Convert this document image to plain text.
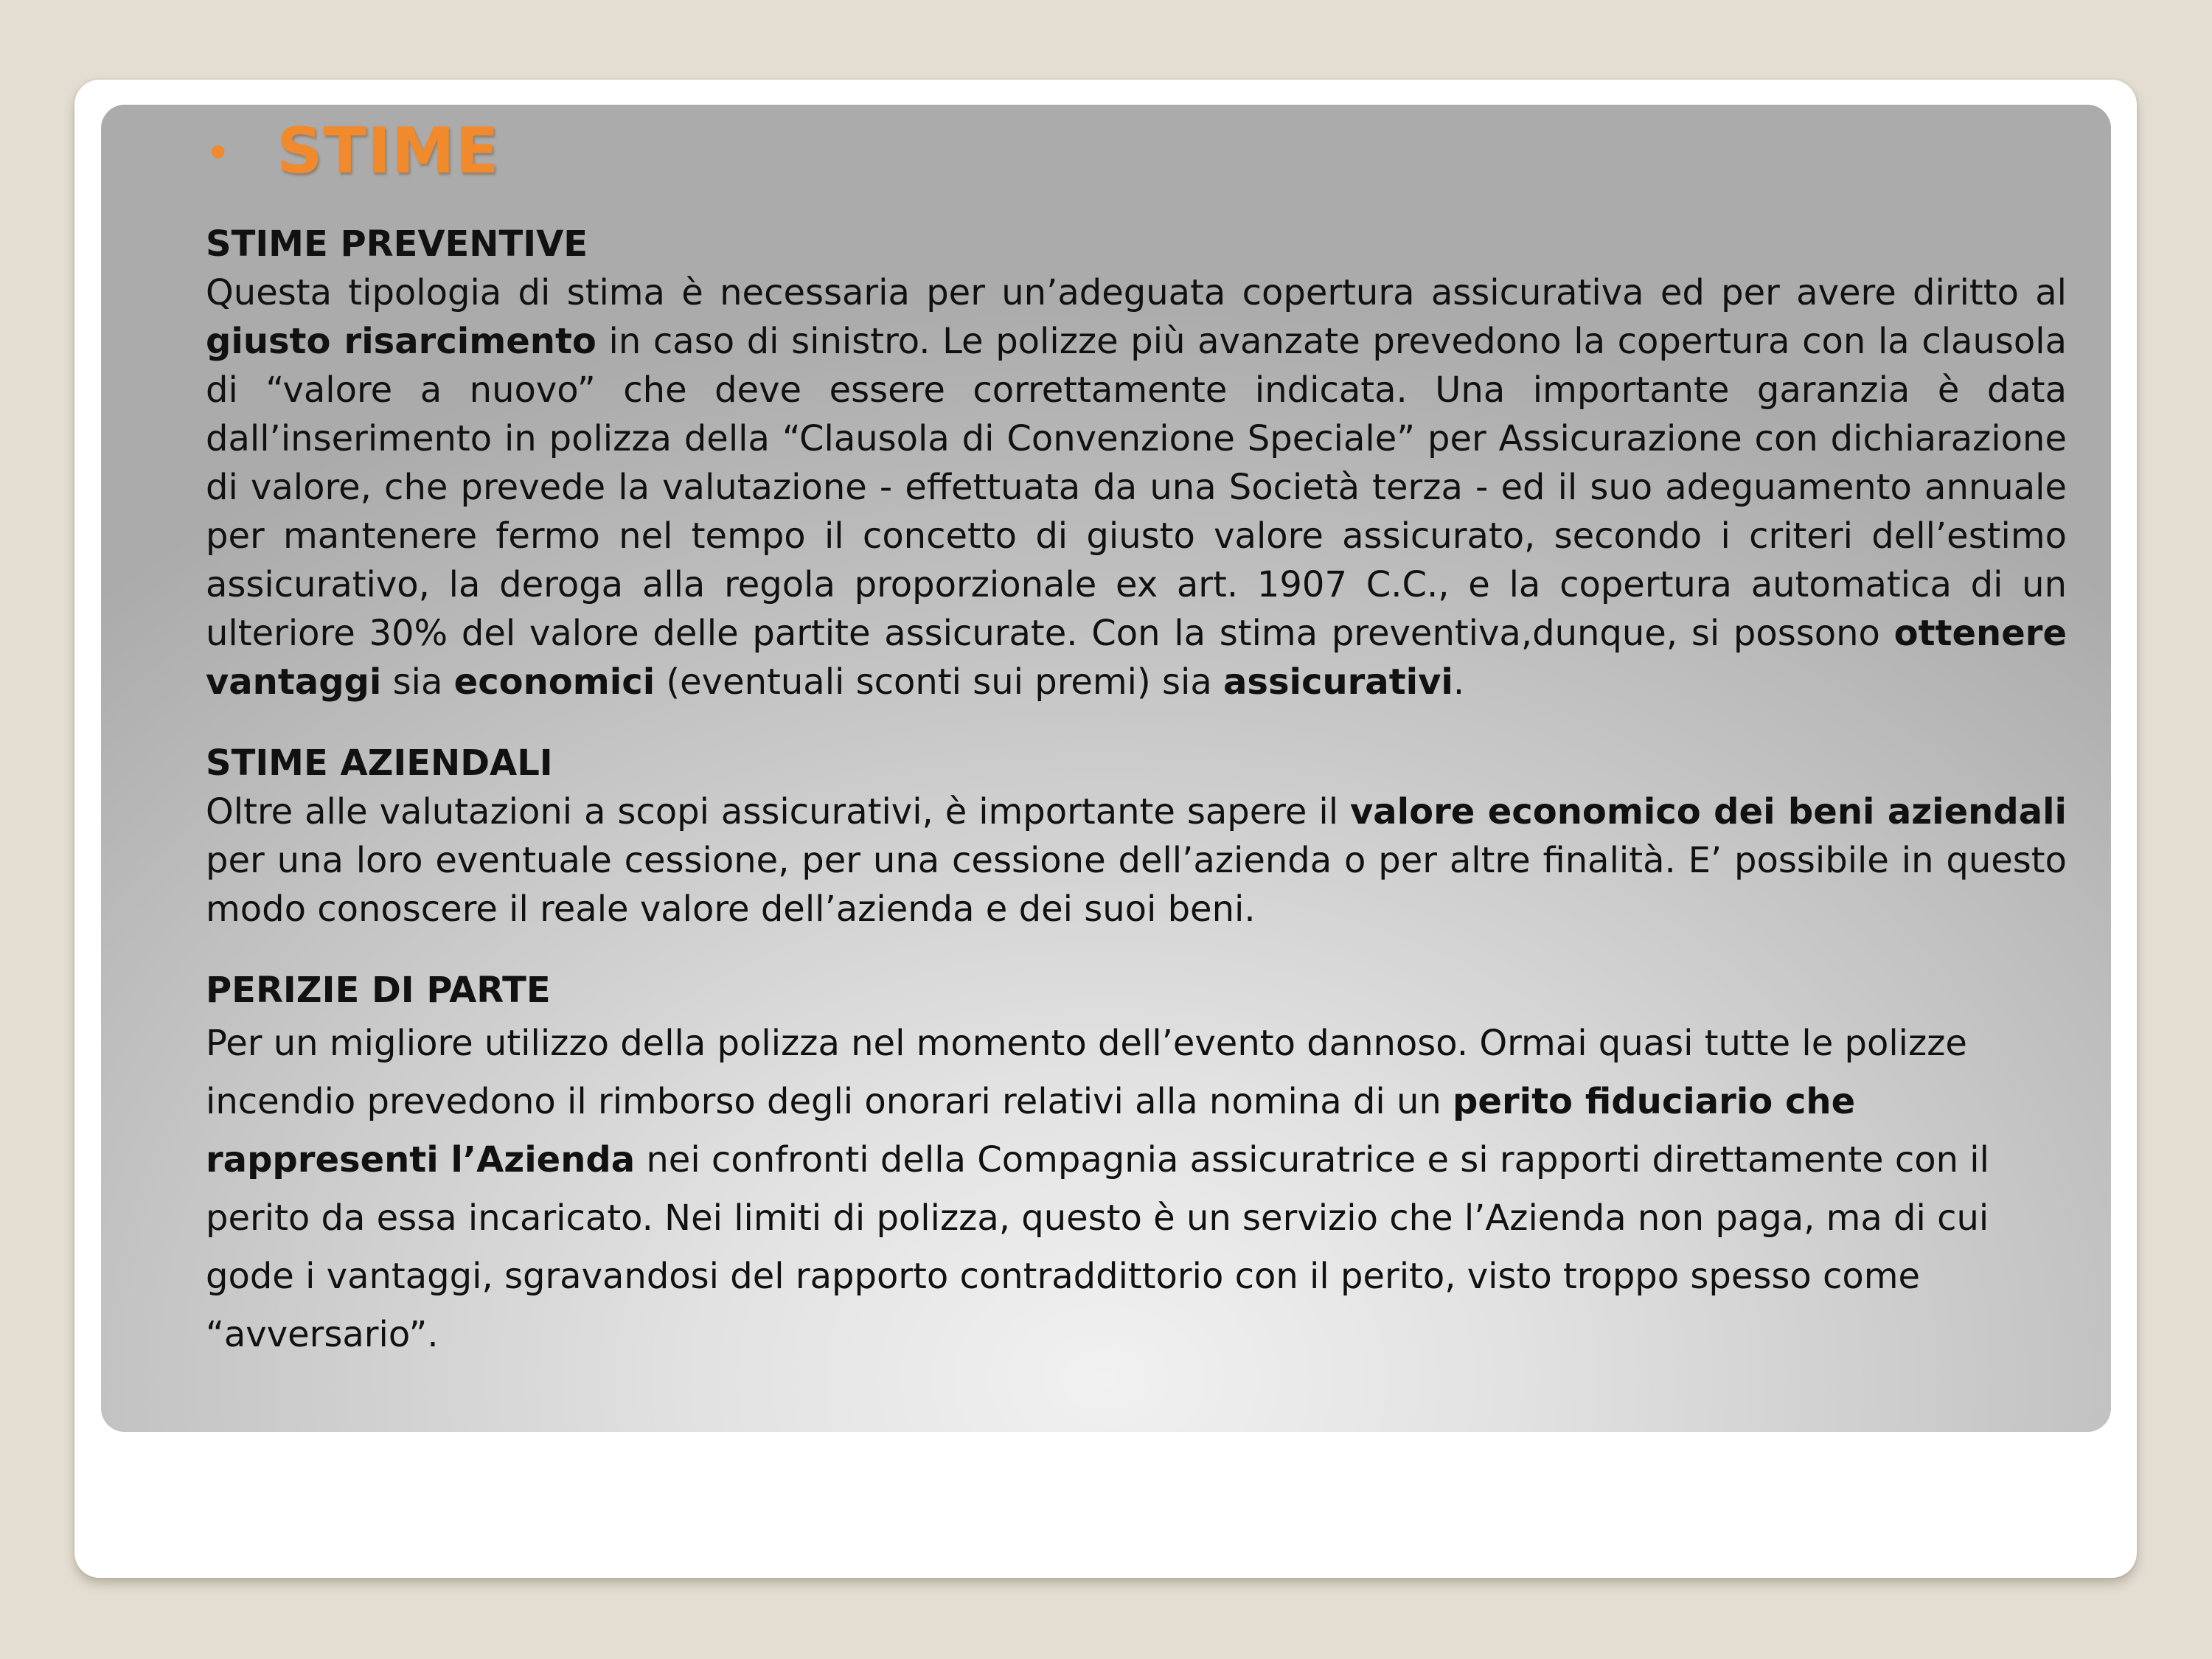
• STIME
STIME PREVENTIVE

Questa tipologia di stima è necessaria per un’adeguata copertura assicurativa ed per avere diritto al giusto risarcimento in caso di sinistro. Le polizze più avanzate prevedono la copertura con la clausola di “valore a nuovo” che deve essere correttamente indicata. Una importante garanzia è data dall’inserimento in polizza della “Clausola di Convenzione Speciale” per Assicurazione con dichiarazione di valore, che prevede la valutazione - effettuata da una Società terza - ed il suo adeguamento annuale per mantenere fermo nel tempo il concetto di giusto valore assicurato, secondo i criteri dell’estimo assicurativo, la deroga alla regola proporzionale ex art. 1907 C.C., e la copertura automatica di un ulteriore 30% del valore delle partite assicurate. Con la stima preventiva,dunque, si possono ottenere vantaggi sia economici (eventuali sconti sui premi) sia assicurativi.

STIME AZIENDALI

Oltre alle valutazioni a scopi assicurativi, è importante sapere il valore economico dei beni aziendali per una loro eventuale cessione, per una cessione dell’azienda o per altre finalità. E’ possibile in questo modo conoscere il reale valore dell’azienda e dei suoi beni.

PERIZIE DI PARTE

Per un migliore utilizzo della polizza nel momento dell’evento dannoso. Ormai quasi tutte le polizze incendio prevedono il rimborso degli onorari relativi alla nomina di un perito fiduciario che rappresenti l’Azienda nei confronti della Compagnia assicuratrice e si rapporti direttamente con il perito da essa incaricato. Nei limiti di polizza, questo è un servizio che l’Azienda non paga, ma di cui gode i vantaggi, sgravandosi del rapporto contraddittorio con il perito, visto troppo spesso come “avversario”.
